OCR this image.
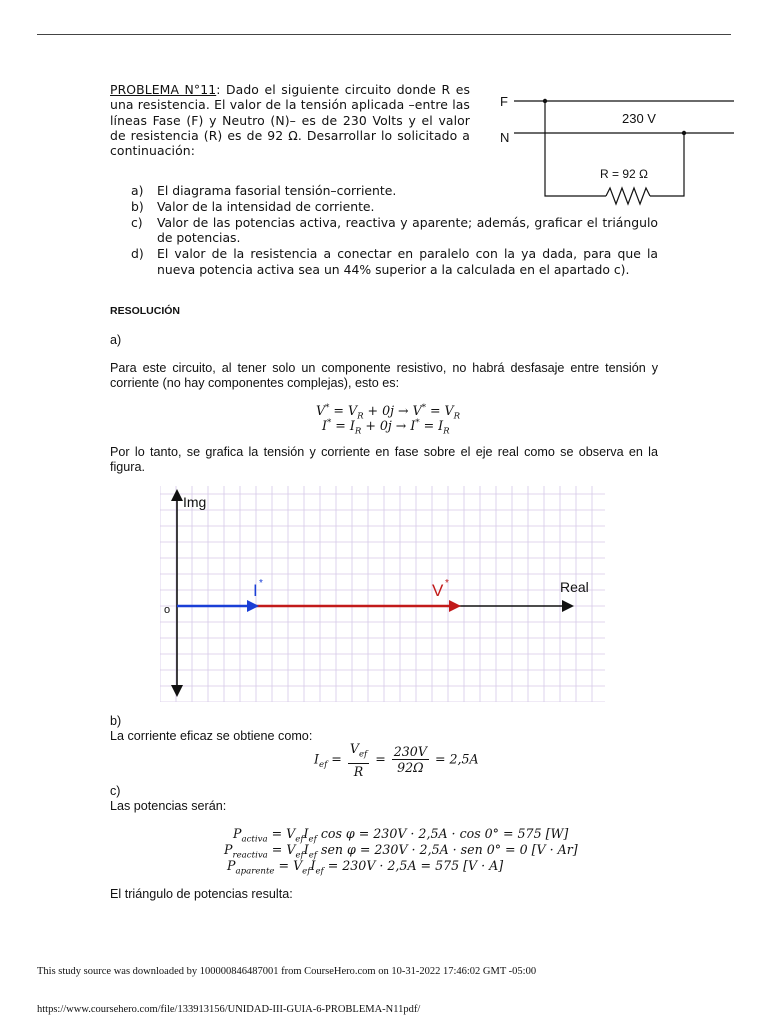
PROBLEMA N°11: Dado el siguiente circuito donde R es una resistencia. El valor de la tensión aplicada –entre las líneas Fase (F) y Neutro (N)– es de 230 Volts y el valor de resistencia (R) es de 92 Ω. Desarrollar lo solicitado a continuación:
F
N
230 V
R = 92 Ω
a) El diagrama fasorial tensión–corriente.
b) Valor de la intensidad de corriente.
c) Valor de las potencias activa, reactiva y aparente; además, graficar el triángulo de potencias.
d) El valor de la resistencia a conectar en paralelo con la ya dada, para que la nueva potencia activa sea un 44% superior a la calculada en el apartado c).
RESOLUCIÓN
a)
Para este circuito, al tener solo un componente resistivo, no habrá desfasaje entre tensión y corriente (no hay componentes complejas), esto es:
$V^* = V_R + 0j \to V^* = V_R$
$I^* = I_R + 0j \to I^* = I_R$
Por lo tanto, se grafica la tensión y corriente en fase sobre el eje real como se observa en la figura.
Img
Real
o
I *	V *
b)
La corriente eficaz se obtiene como:
$I_{ef} = \frac{V_{ef}}{R} = \frac{230V}{92\Omega} = 2,5A$
c)
Las potencias serán:
$P_{activa} = V_{ef}I_{ef}$ cos φ = 230V · 2,5A · cos 0° = 575 [W]
$P_{reactiva} = V_{ef}I_{ef}$ sen φ = 230V · 2,5A · sen 0° = 0 [V · Ar]
$P_{aparente} = V_{ef}I_{ef} = 230V \cdot 2,5A = 575$ [V · A]
El triángulo de potencias resulta:
This study source was downloaded by 100000846487001 from CourseHero.com on 10-31-2022 17:46:02 GMT -05:00
https://www.coursehero.com/file/133913156/UNIDAD-III-GUIA-6-PROBLEMA-N11pdf/
